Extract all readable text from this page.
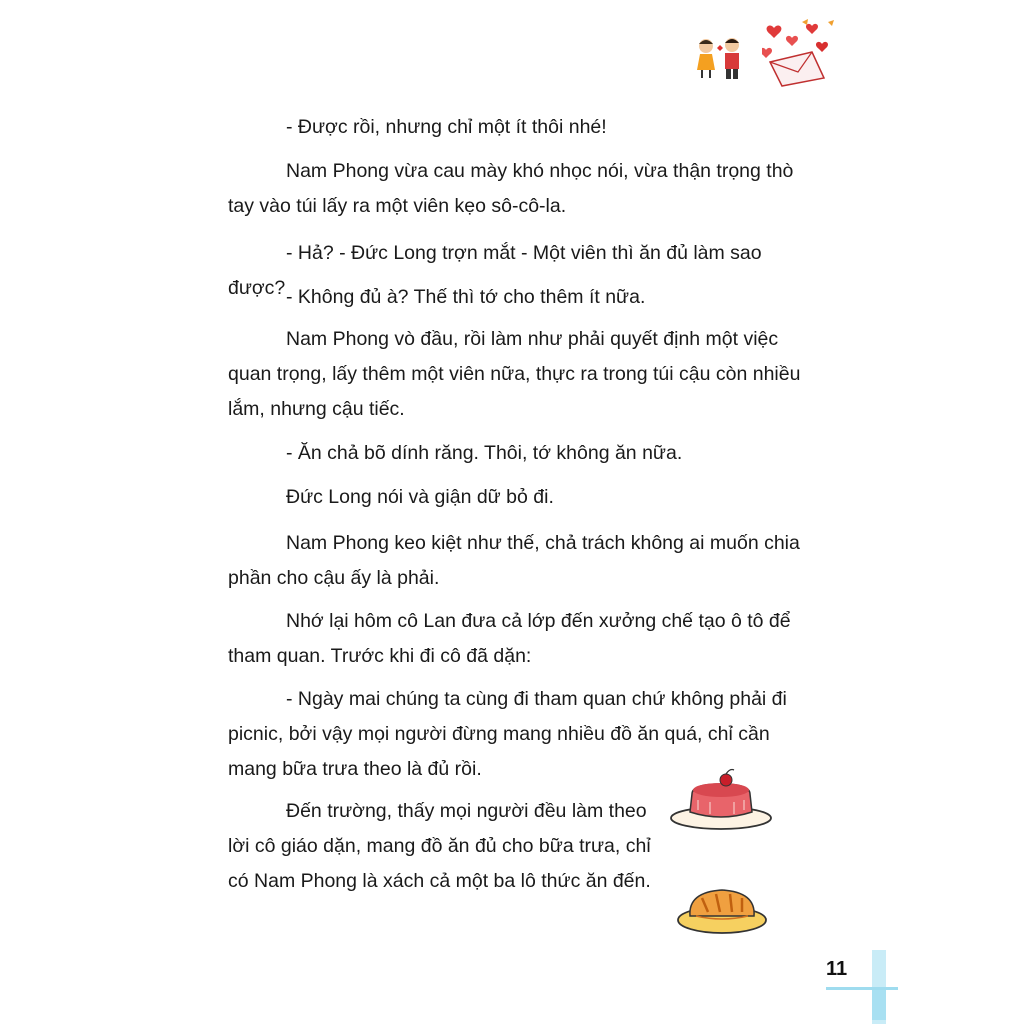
- Được rồi, nhưng chỉ một ít thôi nhé!

Nam Phong vừa cau mày khó nhọc nói, vừa thận trọng thò tay vào túi lấy ra một viên kẹo sô-cô-la.

- Hả? - Đức Long trợn mắt - Một viên thì ăn đủ làm sao được? - Không đủ à? Thế thì tớ cho thêm ít nữa.

Nam Phong vò đầu, rồi làm như phải quyết định một việc quan trọng, lấy thêm một viên nữa, thực ra trong túi cậu còn nhiều lắm, nhưng cậu tiếc.

- Ăn chả bõ dính răng. Thôi, tớ không ăn nữa.

Đức Long nói và giận dữ bỏ đi.

Nam Phong keo kiệt như thế, chả trách không ai muốn chia phần cho cậu ấy là phải.

Nhớ lại hôm cô Lan đưa cả lớp đến xưởng chế tạo ô tô để tham quan. Trước khi đi cô đã dặn:

- Ngày mai chúng ta cùng đi tham quan chứ không phải đi picnic, bởi vậy mọi người đừng mang nhiều đồ ăn quá, chỉ cần mang bữa trưa theo là đủ rồi.

Đến trường, thấy mọi người đều làm theo lời cô giáo dặn, mang đồ ăn đủ cho bữa trưa, chỉ có Nam Phong là xách cả một ba lô thức ăn đến.

11
